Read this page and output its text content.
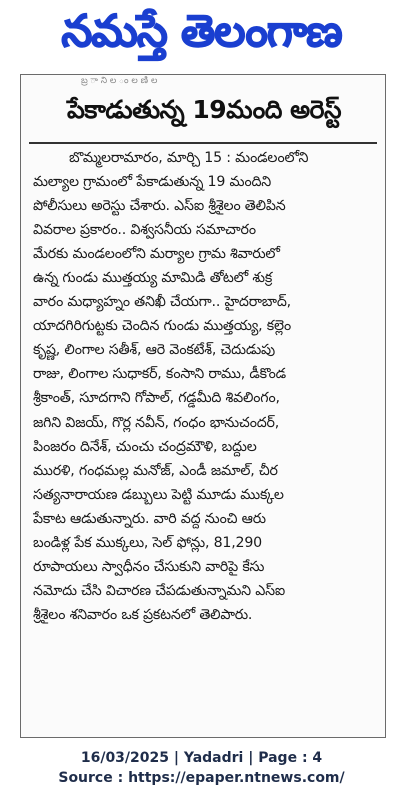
నమస్తే తెలంగాణ
బ్ర ా ని ల ం ల ణి ల
పేకాడుతున్న 19మంది అరెస్ట్
బొమ్మలరామారం, మార్చి 15 : మండలంలోని
మల్యాల గ్రామంలో పేకాడుతున్న 19 మందిని
పోలీసులు అరెస్టు చేశారు. ఎస్ఐ శ్రీశైలం తెలిపిన
వివరాల ప్రకారం.. విశ్వసనీయ సమాచారం
మేరకు మండలంలోని మర్యాల గ్రామ శివారులో
ఉన్న గుండు ముత్తయ్య మామిడి తోటలో శుక్ర
వారం మధ్యాహ్నం తనిఖీ చేయగా.. హైదరాబాద్,
యాదగిరిగుట్టకు చెందిన గుండు ముత్తయ్య, కల్లెం
కృష్ణ, లింగాల సతీశ్, ఆరె వెంకటేశ్, చెదుడుపు
రాజు, లింగాల సుధాకర్, కంసాని రాము, డీకొండ
శ్రీకాంత్, సూదగాని గోపాల్, గడ్డమీది శివలింగం,
జగిని విజయ్, గొర్ల నవీన్, గంధం భానుచందర్,
పింజరం దినేశ్, చుంచు చంద్రమౌళి, బద్దుల
మురళి, గంధమల్ల మనోజ్, ఎండీ జమాల్, చీర
సత్యనారాయణ డబ్బులు పెట్టి మూడు ముక్కల
పేకాట ఆడుతున్నారు. వారి వద్ద నుంచి ఆరు
బండిళ్ల పేక ముక్కలు, సెల్ ఫోన్లు, 81,290
రూపాయలు స్వాధీనం చేసుకుని వారిపై కేసు
నమోదు చేసి విచారణ చేపడుతున్నామని ఎస్ఐ
శ్రీశైలం శనివారం ఒక ప్రకటనలో తెలిపారు.
16/03/2025 | Yadadri | Page : 4
Source : https://epaper.ntnews.com/
